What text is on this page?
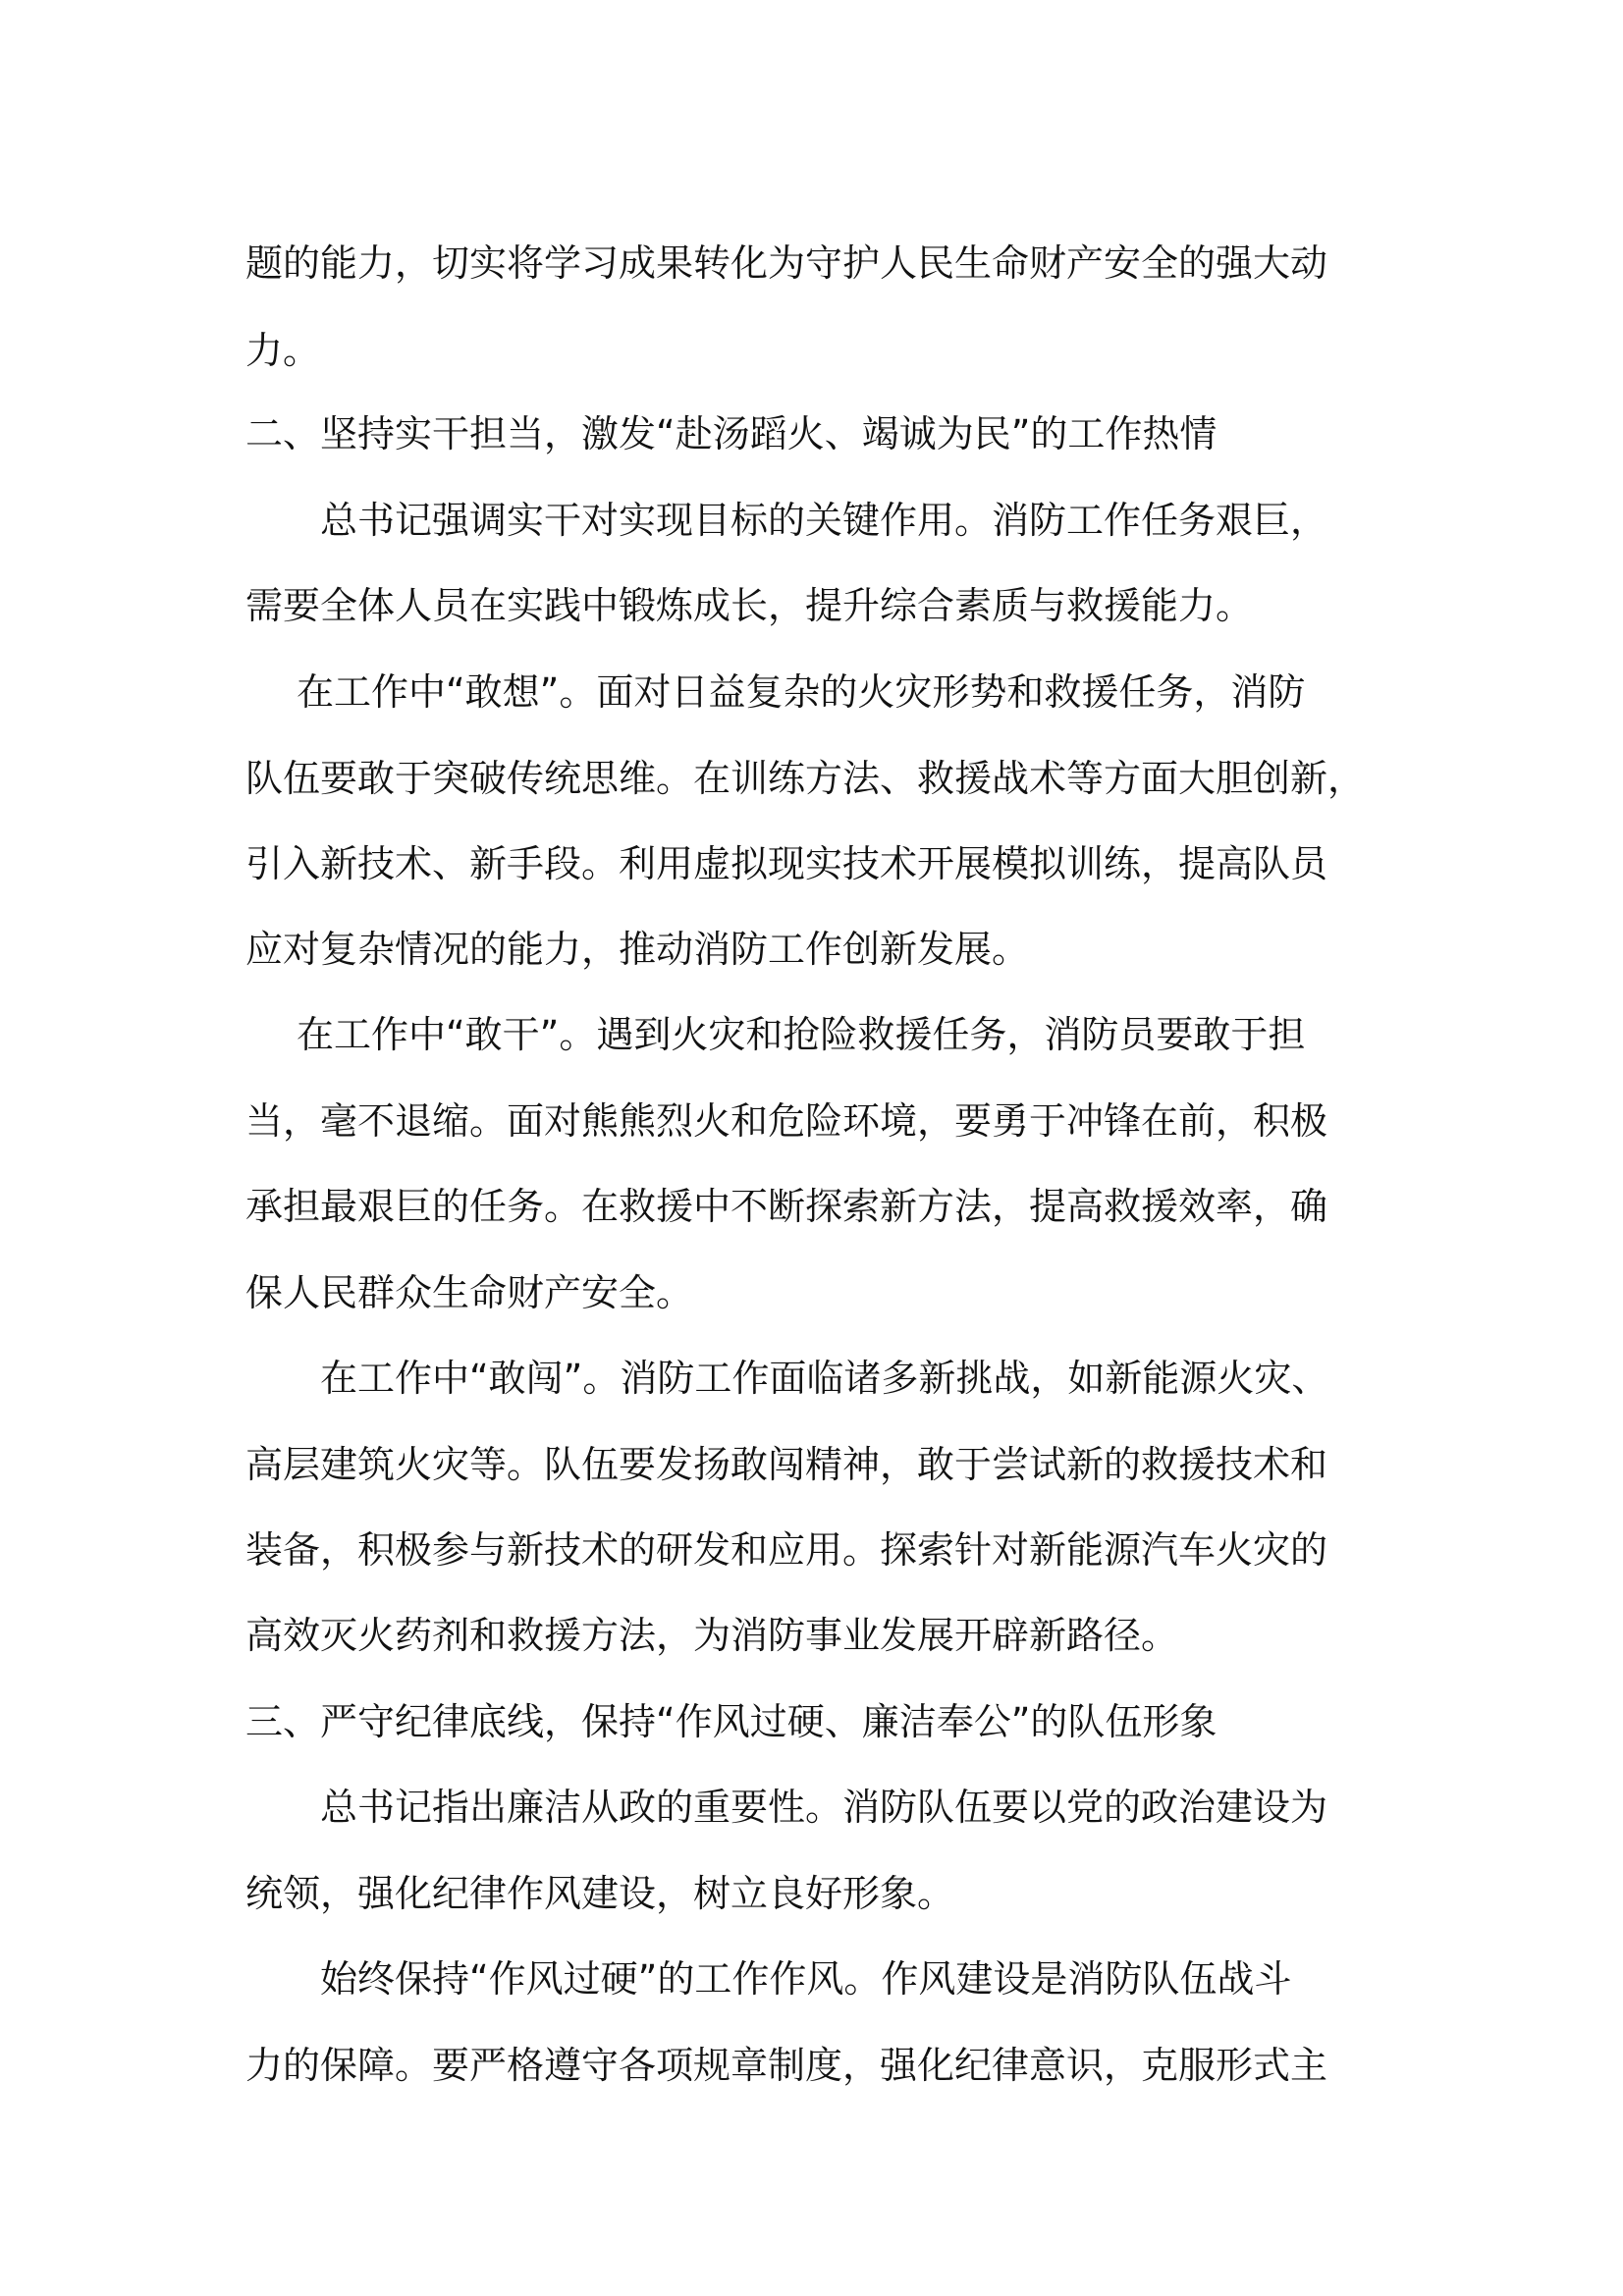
题的能力，切实将学习成果转化为守护人民生命财产安全的强大动

力。

二、坚持实干担当，激发“赴汤蹈火、竭诚为民”的工作热情

总书记强调实干对实现目标的关键作用。消防工作任务艰巨，

需要全体人员在实践中锻炼成长，提升综合素质与救援能力。

在工作中“敢想”。面对日益复杂的火灾形势和救援任务，消防

队伍要敢于突破传统思维。在训练方法、救援战术等方面大胆创新，

引入新技术、新手段。利用虚拟现实技术开展模拟训练，提高队员

应对复杂情况的能力，推动消防工作创新发展。

在工作中“敢干”。遇到火灾和抢险救援任务，消防员要敢于担

当，毫不退缩。面对熊熊烈火和危险环境，要勇于冲锋在前，积极

承担最艰巨的任务。在救援中不断探索新方法，提高救援效率，确

保人民群众生命财产安全。

在工作中“敢闯”。消防工作面临诸多新挑战，如新能源火灾、

高层建筑火灾等。队伍要发扬敢闯精神，敢于尝试新的救援技术和

装备，积极参与新技术的研发和应用。探索针对新能源汽车火灾的

高效灭火药剂和救援方法，为消防事业发展开辟新路径。

三、严守纪律底线，保持“作风过硬、廉洁奉公”的队伍形象

总书记指出廉洁从政的重要性。消防队伍要以党的政治建设为

统领，强化纪律作风建设，树立良好形象。

始终保持“作风过硬”的工作作风。作风建设是消防队伍战斗

力的保障。要严格遵守各项规章制度，强化纪律意识，克服形式主
